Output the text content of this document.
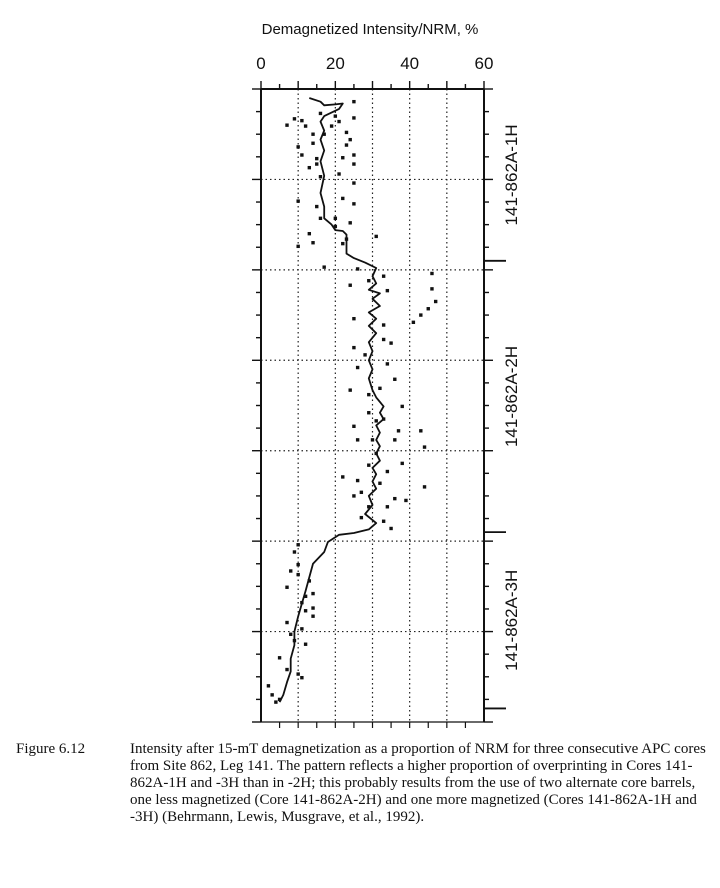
Demagnetized Intensity/NRM, %
0	20	40	60
141-862A-1H
141-862A-2H
141-862A-3H
Figure 6.12	Intensity after 15-mT demagnetization as a proportion of NRM for three consecutive APC cores from Site 862, Leg 141. The pattern reflects a higher proportion of overprinting in Cores 141-862A-1H and -3H than in -2H; this probably results from the use of two alternate core barrels, one less magnetized (Core 141-862A-2H) and one more magnetized (Cores 141-862A-1H and -3H) (Behrmann, Lewis, Musgrave, et al., 1992).
